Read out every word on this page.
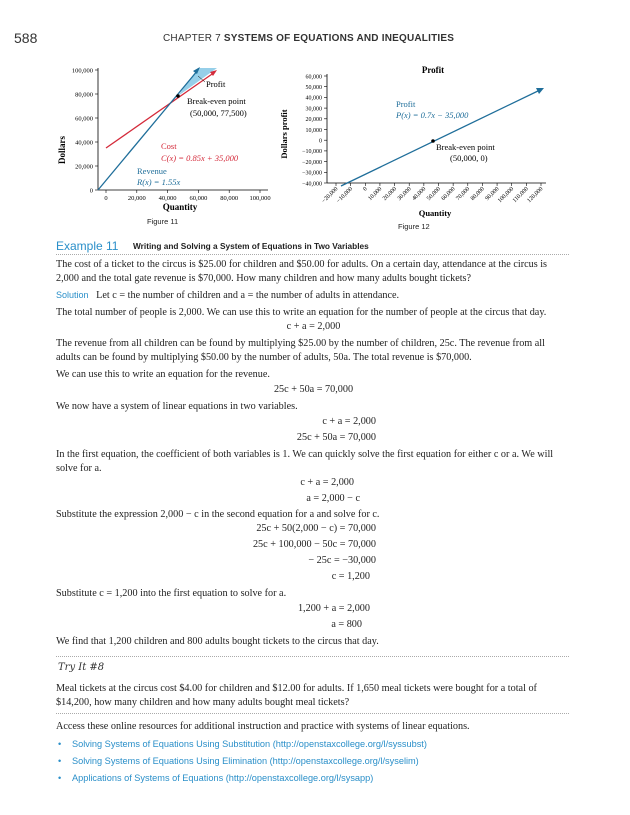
588	CHAPTER 7 SYSTEMS OF EQUATIONS AND INEQUALITIES
Dollars
100,000
80,000
60,000
40,000
20,000
0
0	20,000 40,000 60,000 80,000 100,000
Profit
Break-even point
(50,000, 77,500)
Cost
C(x) = 0.85x + 35,000
Revenue
R(x) = 1.55x
Quantity
Figure 11
Profit
Dollars profit
60,000
50,000
40,000
30,000
20,000
10,000
0
−10,000
−20,000
−30,000
−40,000
−20,000
−10,000 0
10,000
20,000
30,000
40,000
50,000
60,000
70,000
80,000
90,000
100,000
110,000
120,000
Profit
P(x) = 0.7x − 35,000
Break-even point
(50,000, 0)
Quantity
Figure 12
Example 11 Writing and Solving a System of Equations in Two Variables
The cost of a ticket to the circus is $25.00 for children and $50.00 for adults. On a certain day, attendance at the circus is 2,000 and the total gate revenue is $70,000. How many children and how many adults bought tickets?
Solution Let c = the number of children and a = the number of adults in attendance.
The total number of people is 2,000. We can use this to write an equation for the number of people at the circus that day.
c + a = 2,000
The revenue from all children can be found by multiplying $25.00 by the number of children, 25c. The revenue from all adults can be found by multiplying $50.00 by the number of adults, 50a. The total revenue is $70,000.
We can use this to write an equation for the revenue.
25c + 50a = 70,000
We now have a system of linear equations in two variables.
c + a = 2,000
25c + 50a = 70,000
In the first equation, the coefficient of both variables is 1. We can quickly solve the first equation for either c or a. We will solve for a.
c + a = 2,000
a = 2,000 − c
Substitute the expression 2,000 − c in the second equation for a and solve for c.
25c + 50(2,000 − c) = 70,000
25c + 100,000 − 50c = 70,000
− 25c = −30,000
c = 1,200
Substitute c = 1,200 into the first equation to solve for a.
1,200 + a = 2,000
a = 800
We find that 1,200 children and 800 adults bought tickets to the circus that day.
Try It #8
Meal tickets at the circus cost $4.00 for children and $12.00 for adults. If 1,650 meal tickets were bought for a total of $14,200, how many children and how many adults bought meal tickets?
Access these online resources for additional instruction and practice with systems of linear equations.
• Solving Systems of Equations Using Substitution (http://openstaxcollege.org/l/syssubst)
• Solving Systems of Equations Using Elimination (http://openstaxcollege.org/l/syselim)
• Applications of Systems of Equations (http://openstaxcollege.org/l/sysapp)
